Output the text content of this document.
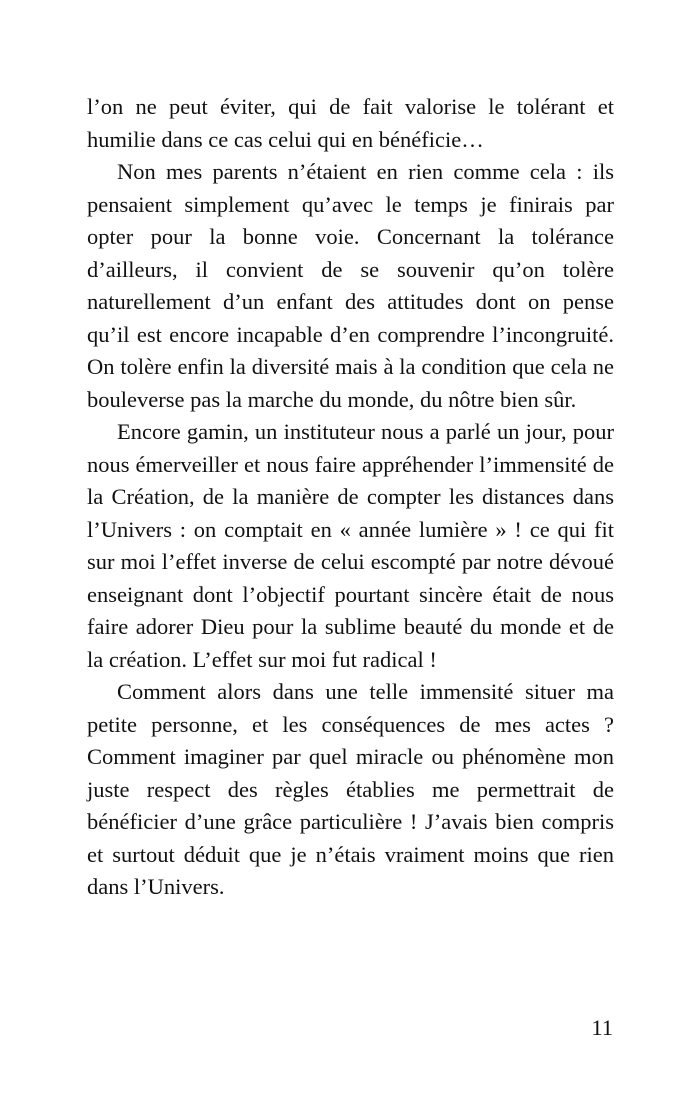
l’on ne peut éviter, qui de fait valorise le tolérant et humilie dans ce cas celui qui en bénéficie…

Non mes parents n’étaient en rien comme cela : ils pensaient simplement qu’avec le temps je finirais par opter pour la bonne voie. Concernant la tolérance d’ailleurs, il convient de se souvenir qu’on tolère naturellement d’un enfant des attitudes dont on pense qu’il est encore incapable d’en comprendre l’incongruité. On tolère enfin la diversité mais à la condition que cela ne bouleverse pas la marche du monde, du nôtre bien sûr.

Encore gamin, un instituteur nous a parlé un jour, pour nous émerveiller et nous faire appréhender l’immensité de la Création, de la manière de compter les distances dans l’Univers : on comptait en « année lumière » ! ce qui fit sur moi l’effet inverse de celui escompté par notre dévoué enseignant dont l’objectif pourtant sincère était de nous faire adorer Dieu pour la sublime beauté du monde et de la création. L’effet sur moi fut radical !

Comment alors dans une telle immensité situer ma petite personne, et les conséquences de mes actes ? Comment imaginer par quel miracle ou phénomène mon juste respect des règles établies me permettrait de bénéficier d’une grâce particulière ! J’avais bien compris et surtout déduit que je n’étais vraiment moins que rien dans l’Univers.

11
